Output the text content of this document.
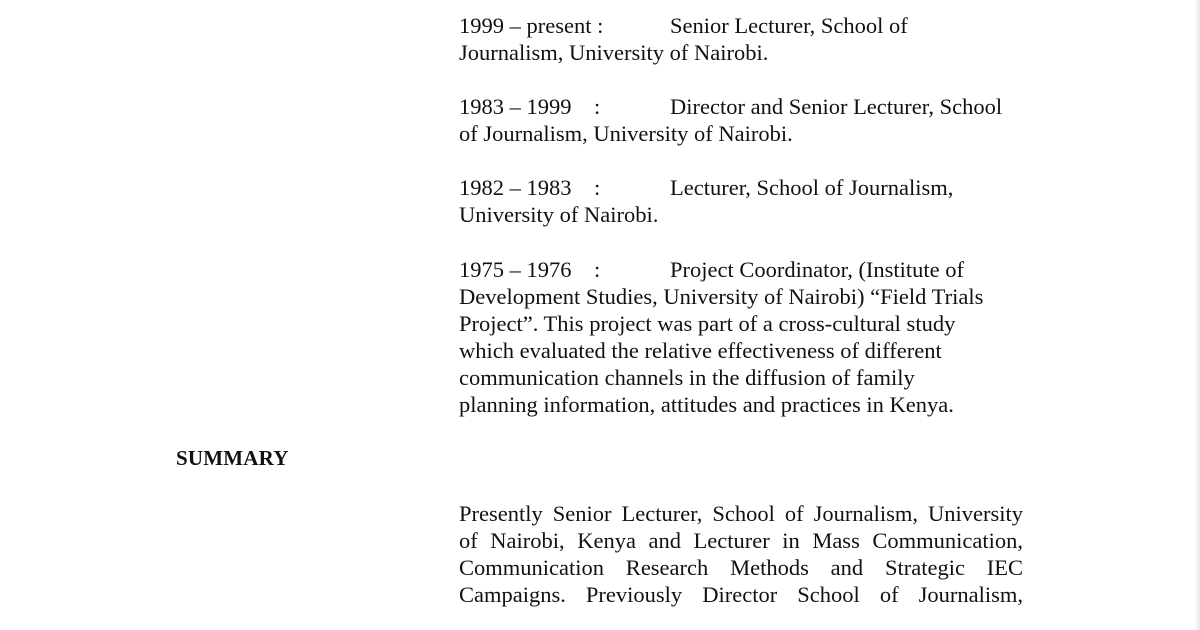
1999 – present :	Senior Lecturer, School of

Journalism, University of Nairobi.

1983 – 1999    :	Director and Senior Lecturer, School

of Journalism, University of Nairobi.

1982 – 1983    :	Lecturer, School of Journalism,

University of Nairobi.

1975 – 1976    :	Project Coordinator, (Institute of

Development Studies, University of Nairobi) “Field Trials

Project”. This project was part of a cross-cultural study

which evaluated the relative effectiveness of different

communication channels in the diffusion of family

planning information, attitudes and practices in Kenya.

SUMMARY

Presently Senior Lecturer, School of Journalism, University

of Nairobi, Kenya and Lecturer in Mass Communication,

Communication Research Methods and Strategic IEC

Campaigns. Previously Director School of Journalism,
